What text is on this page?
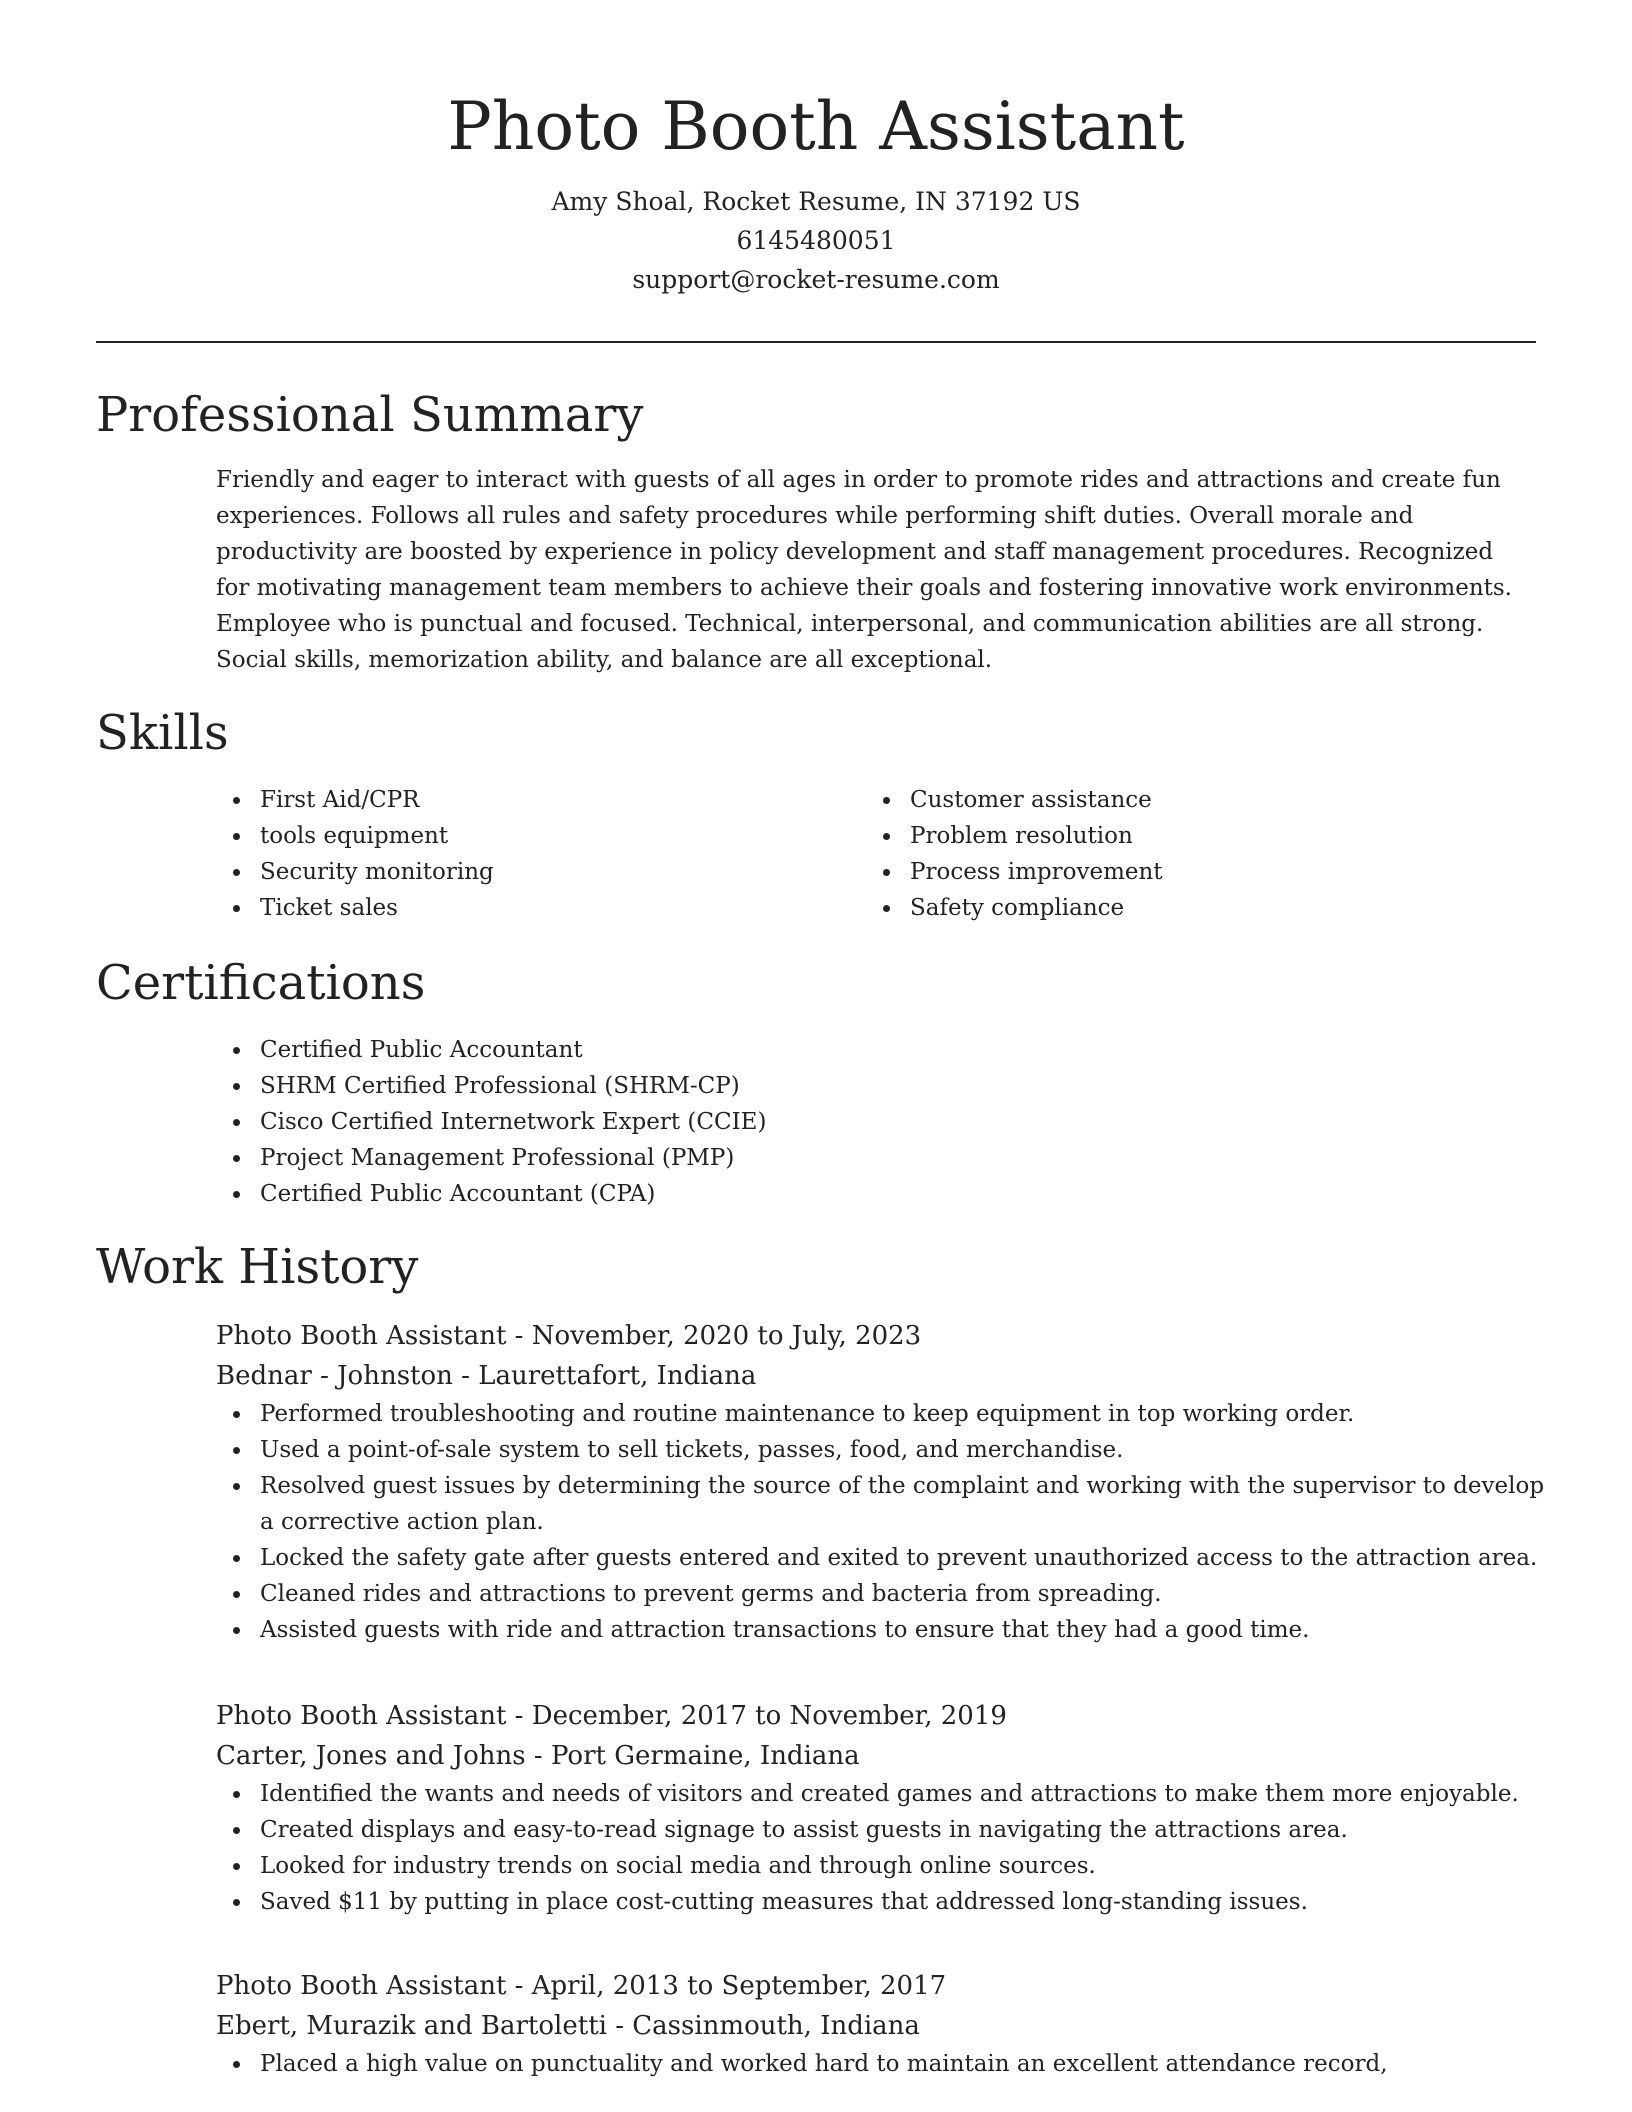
Photo Booth Assistant
Amy Shoal, Rocket Resume, IN 37192 US
6145480051
support@rocket-resume.com
Professional Summary

Friendly and eager to interact with guests of all ages in order to promote rides and attractions and create fun experiences. Follows all rules and safety procedures while performing shift duties. Overall morale and productivity are boosted by experience in policy development and staff management procedures. Recognized for motivating management team members to achieve their goals and fostering innovative work environments. Employee who is punctual and focused. Technical, interpersonal, and communication abilities are all strong. Social skills, memorization ability, and balance are all exceptional.

Skills
First Aid/CPR
tools equipment
Security monitoring
Ticket sales
Customer assistance
Problem resolution
Process improvement
Safety compliance
Certifications
Certified Public Accountant
SHRM Certified Professional (SHRM-CP)
Cisco Certified Internetwork Expert (CCIE)
Project Management Professional (PMP)
Certified Public Accountant (CPA)
Work History
Photo Booth Assistant - November, 2020 to July, 2023
Bednar - Johnston - Laurettafort, Indiana
Performed troubleshooting and routine maintenance to keep equipment in top working order.
Used a point-of-sale system to sell tickets, passes, food, and merchandise.
Resolved guest issues by determining the source of the complaint and working with the supervisor to develop a corrective action plan.
Locked the safety gate after guests entered and exited to prevent unauthorized access to the attraction area.
Cleaned rides and attractions to prevent germs and bacteria from spreading.
Assisted guests with ride and attraction transactions to ensure that they had a good time.
Photo Booth Assistant - December, 2017 to November, 2019
Carter, Jones and Johns - Port Germaine, Indiana
Identified the wants and needs of visitors and created games and attractions to make them more enjoyable.
Created displays and easy-to-read signage to assist guests in navigating the attractions area.
Looked for industry trends on social media and through online sources.
Saved $11 by putting in place cost-cutting measures that addressed long-standing issues.
Photo Booth Assistant - April, 2013 to September, 2017
Ebert, Murazik and Bartoletti - Cassinmouth, Indiana
Placed a high value on punctuality and worked hard to maintain an excellent attendance record,
